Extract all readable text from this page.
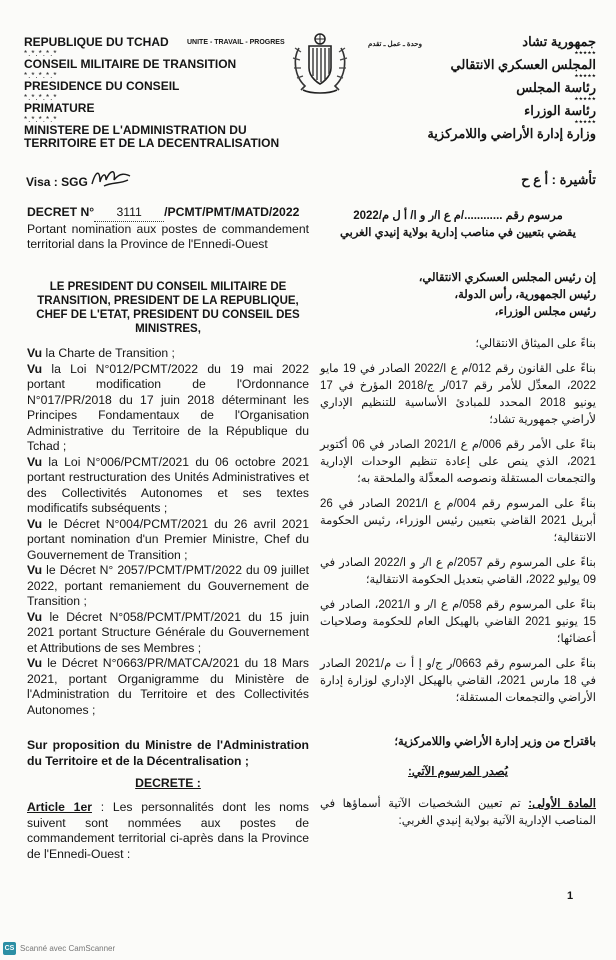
REPUBLIQUE DU TCHAD
*.*.*.*.*
CONSEIL MILITAIRE DE TRANSITION
*.*.*.*.*
PRESIDENCE DU CONSEIL
*.*.*.*.*
PRIMATURE
*.*.*.*.*
MINISTERE DE L'ADMINISTRATION DU
TERRITOIRE ET DE LA DECENTRALISATION
UNITE - TRAVAIL - PROGRES	وحدة ـ عمل ـ تقدم	جمهورية تشاد
٭٭٭٭٭
المجلس العسكري الانتقالي
٭٭٭٭٭
رئاسة المجلس
٭٭٭٭٭
رئاسة الوزراء
٭٭٭٭٭
وزارة إدارة الأراضي واللامركزية
Visa : SGG	تأشيرة : أ ع ح

DECRET N° 3111 /PCMT/PMT/MATD/2022

Portant nomination aux postes de commandement territorial dans la Province de l'Ennedi-Ouest

LE PRESIDENT DU CONSEIL MILITAIRE DE TRANSITION, PRESIDENT DE LA REPUBLIQUE, CHEF DE L'ETAT, PRESIDENT DU CONSEIL DES MINISTRES,

Vu la Charte de Transition ;

Vu la Loi N°012/PCMT/2022 du 19 mai 2022 portant modification de l'Ordonnance N°017/PR/2018 du 17 juin 2018 déterminant les Principes Fondamentaux de l'Organisation Administrative du Territoire de la République du Tchad ;

Vu la Loi N°006/PCMT/2021 du 06 octobre 2021 portant restructuration des Unités Administratives et des Collectivités Autonomes et ses textes modificatifs subséquents ;

Vu le Décret N°004/PCMT/2021 du 26 avril 2021 portant nomination d'un Premier Ministre, Chef du Gouvernement de Transition ;

Vu le Décret N° 2057/PCMT/PMT/2022 du 09 juillet 2022, portant remaniement du Gouvernement de Transition ;

Vu le Décret N°058/PCMT/PMT/2021 du 15 juin 2021 portant Structure Générale du Gouvernement et Attributions de ses Membres ;

Vu le Décret N°0663/PR/MATCA/2021 du 18 Mars 2021, portant Organigramme du Ministère de l'Administration du Territoire et des Collectivités Autonomes ;

Sur proposition du Ministre de l'Administration du Territoire et de la Décentralisation ;

DECRETE :

Article 1er : Les personnalités dont les noms suivent sont nommées aux postes de commandement territorial ci-après dans la Province de l'Ennedi-Ouest :

مرسوم رقم ............/م ع ا/ر و ا/ أ ل م/2022

يقضي بتعيين في مناصب إدارية بولاية إنيدي الغربي

إن رئيس المجلس العسكري الانتقالي،

رئيس الجمهورية، رأس الدولة،

رئيس مجلس الوزراء،

بناءً على الميثاق الانتقالي؛

بناءً على القانون رقم 012/م ع ا/2022 الصادر في 19 مايو 2022، المعدِّل للأمر رقم 017/ر ج/2018 المؤرخ في 17 يونيو 2018 المحدد للمبادئ الأساسية للتنظيم الإداري لأراضي جمهورية تشاد؛

بناءً على الأمر رقم 006/م ع ا/2021 الصادر في 06 أكتوبر 2021، الذي ينص على إعادة تنظيم الوحدات الإدارية والتجمعات المستقلة ونصوصه المعدِّلة والملحقة به؛

بناءً على المرسوم رقم 004/م ع ا/2021 الصادر في 26 أبريل 2021 القاضي بتعيين رئيس الوزراء، رئيس الحكومة الانتقالية؛

بناءً على المرسوم رقم 2057/م ع ا/ر و ا/2022 الصادر في 09 يوليو 2022، القاضي بتعديل الحكومة الانتقالية؛

بناءً على المرسوم رقم 058/م ع ا/ر و ا/2021، الصادر في 15 يونيو 2021 القاضي بالهيكل العام للحكومة وصلاحيات أعضائها؛

بناءً على المرسوم رقم 0663/ر ج/و إ أ ت م/2021 الصادر في 18 مارس 2021، القاضي بالهيكل الإداري لوزارة إدارة الأراضي والتجمعات المستقلة؛

باقتراح من وزير إدارة الأراضي واللامركزية؛

يُصدر المرسوم الآتي:

المادة الأولى: تم تعيين الشخصيات الآتية أسماؤها في المناصب الإدارية الآتية بولاية إنيدي الغربي:

1
CS Scanné avec CamScanner
